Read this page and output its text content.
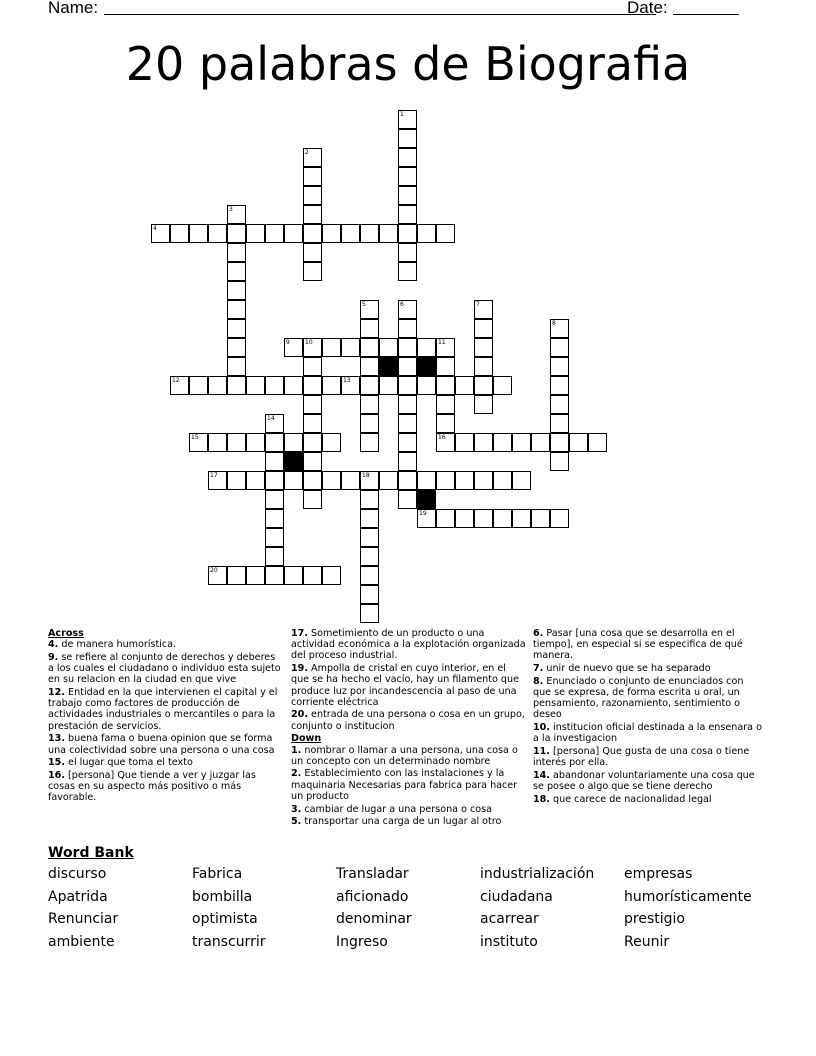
Name:	Date:
20 palabras de Biografia
1
2
3
4
5	6	7
8
9	10	11
16
12	13
14
15
17	18
19
20
Across
4. de manera humorística.
9. se refiere al conjunto de derechos y deberes a los cuales el ciudadano o individuo esta sujeto en su relacion en la ciudad en que vive
12. Entidad en la que intervienen el capital y el trabajo como factores de producción de actividades industriales o mercantiles o para la prestación de servicios.
13. buena fama o buena opinion que se forma una colectividad sobre una persona o una cosa
15. el lugar que toma el texto
16. [persona] Que tiende a ver y juzgar las cosas en su aspecto más positivo o más favorable.
17. Sometimiento de un producto o una actividad económica a la explotación organizada del proceso industrial.
19. Ampolla de cristal en cuyo interior, en el que se ha hecho el vacío, hay un filamento que produce luz por incandescencia al paso de una corriente eléctrica
20. entrada de una persona o cosa en un grupo, conjunto o institucion
Down
1. nombrar o llamar a una persona, una cosa o un concepto con un determinado nombre
2. Establecimiento con las instalaciones y la maquinaria Necesarias para fabrica para hacer un producto
3. cambiar de lugar a una persona o cosa
5. transportar una carga de un lugar al otro
6. Pasar [una cosa que se desarrolla en el tiempo], en especial si se especifica de qué manera.
7. unir de nuevo que se ha separado
8. Enunciado o conjunto de enunciados con que se expresa, de forma escrita u oral, un pensamiento, razonamiento, sentimiento o deseo
10. institucion oficial destinada a la ensenara o a la investigacion
11. [persona] Que gusta de una cosa o tiene interés por ella.
14. abandonar voluntariamente una cosa que se posee o algo que se tiene derecho
18. que carece de nacionalidad legal
Word Bank
discurso	Fabrica	Transladar	industrialización empresas
Apatrida	bombilla	aficionado	ciudadana	humorísticamente
Renunciar	optimista	denominar	acarrear	prestigio
ambiente	transcurrir	Ingreso	instituto	Reunir
